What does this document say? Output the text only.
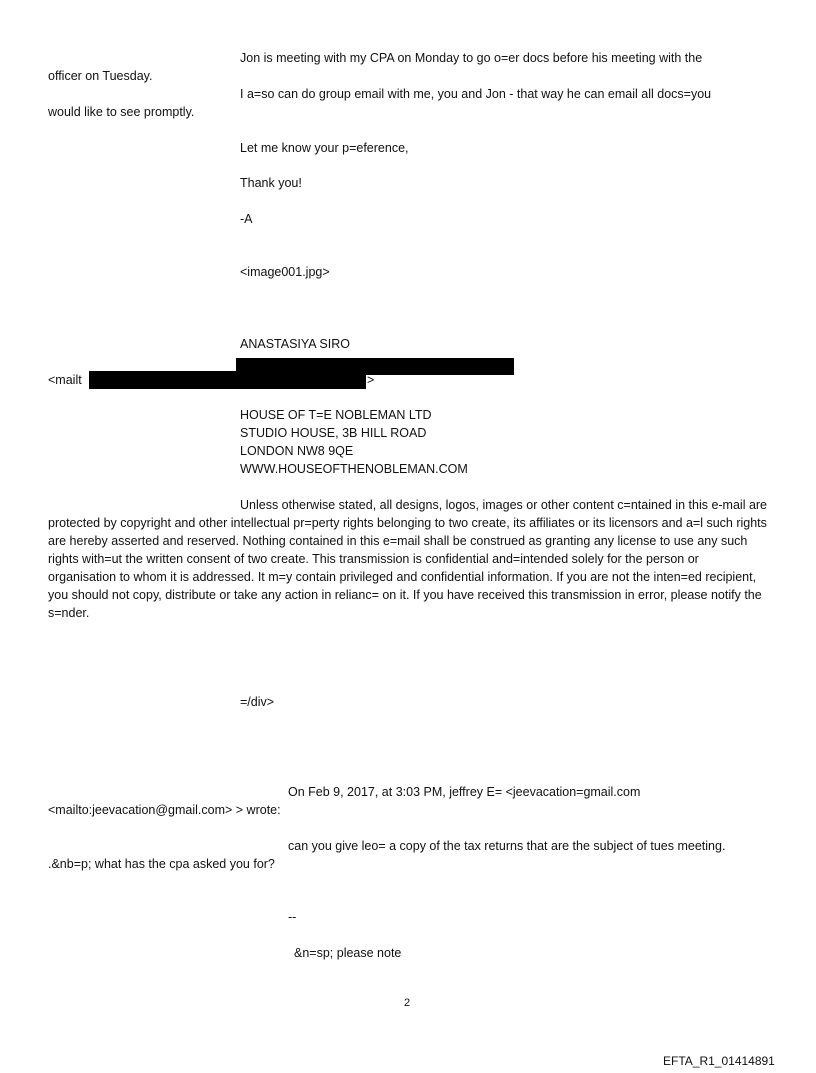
Jon is meeting with my CPA on Monday to go o=er docs before his meeting with the
officer on Tuesday.
I a=so can do group email with me, you and Jon - that way he can email all docs=you
would like to see promptly.
Let me know your p=eference,
Thank you!
-A
<image001.jpg>
ANASTASIYA SIRO
<mailt	>
HOUSE OF T=E NOBLEMAN LTD
STUDIO HOUSE, 3B HILL ROAD
LONDON NW8 9QE
WWW.HOUSEOFTHENOBLEMAN.COM
Unless otherwise stated, all designs, logos, images or other content c=ntained in this e-mail are protected by copyright and other intellectual pr=perty rights belonging to two create, its affiliates or its licensors and a=l such rights are hereby asserted and reserved. Nothing contained in this e=mail shall be construed as granting any license to use any such rights with=ut the written consent of two create. This transmission is confidential and=intended solely for the person or organisation to whom it is addressed. It m=y contain privileged and confidential information. If you are not the inten=ed recipient, you should not copy, distribute or take any action in relianc= on it. If you have received this transmission in error, please notify the s=nder.
=/div>
On Feb 9, 2017, at 3:03 PM, jeffrey E= <jeevacation=gmail.com
<mailto:jeevacation@gmail.com> > wrote:
can you give leo= a copy of the tax returns that are the subject of tues meeting.
.&nb=p; what has the cpa asked you for?
--
&n=sp; please note
2
EFTA_R1_01414891
